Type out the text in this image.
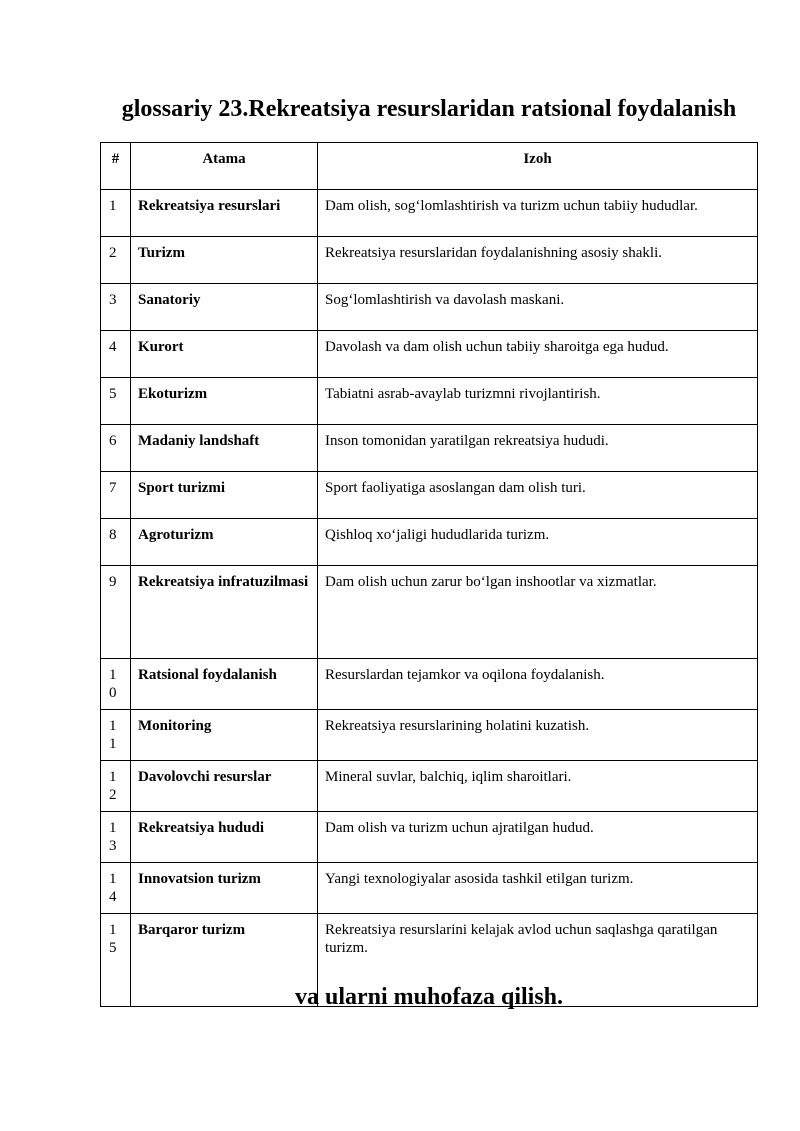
glossariy 23.Rekreatsiya resurslaridan ratsional foydalanish
#	Atama	Izoh
1	Rekreatsiya resurslari	Dam olish, sog‘lomlashtirish va turizm uchun tabiiy hududlar.
2	Turizm	Rekreatsiya resurslaridan foydalanishning asosiy shakli.
3	Sanatoriy	Sog‘lomlashtirish va davolash maskani.
4	Kurort	Davolash va dam olish uchun tabiiy sharoitga ega hudud.
5	Ekoturizm	Tabiatni asrab-avaylab turizmni rivojlantirish.
6	Madaniy landshaft	Inson tomonidan yaratilgan rekreatsiya hududi.
7	Sport turizmi	Sport faoliyatiga asoslangan dam olish turi.
8	Agroturizm	Qishloq xo‘jaligi hududlarida turizm.
9	Rekreatsiya infratuzilmasi	Dam olish uchun zarur bo‘lgan inshootlar va xizmatlar.
10	Ratsional foydalanish	Resurslardan tejamkor va oqilona foydalanish.
11	Monitoring	Rekreatsiya resurslarining holatini kuzatish.
12	Davolovchi resurslar	Mineral suvlar, balchiq, iqlim sharoitlari.
13	Rekreatsiya hududi	Dam olish va turizm uchun ajratilgan hudud.
14	Innovatsion turizm	Yangi texnologiyalar asosida tashkil etilgan turizm.
15	Barqaror turizm	Rekreatsiya resurslarini kelajak avlod uchun saqlashga qaratilgan turizm.
va ularni muhofaza qilish.
